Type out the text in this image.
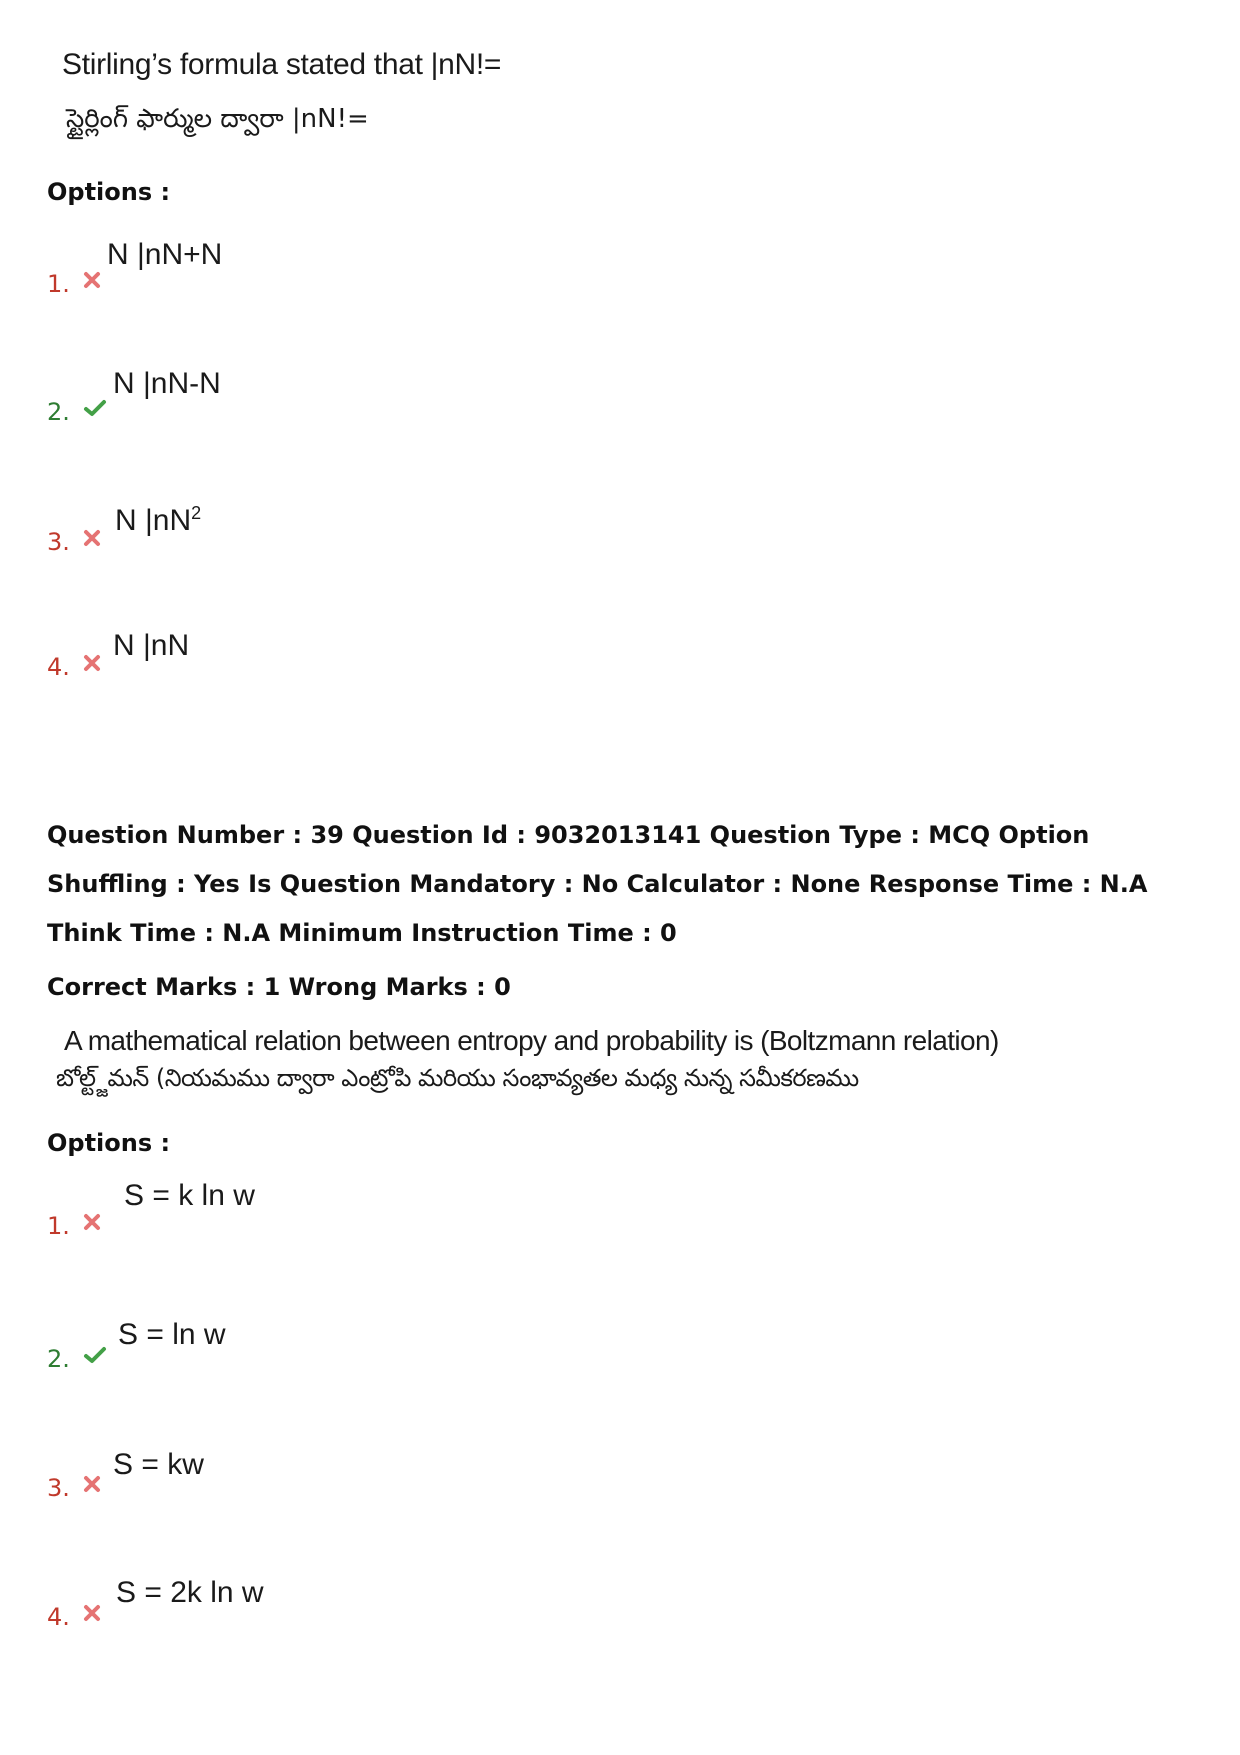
Stirling’s formula stated that |nN!=
స్టైర్లింగ్ ఫార్ముల ద్వారా |nN!=
Options :
1.
N |nN+N
2.
N |nN-N
3.
N $|nN^2$
4.
N |nN
Question Number : 39 Question Id : 9032013141 Question Type : MCQ Option Shuffling : Yes Is Question Mandatory : No Calculator : None Response Time : N.A Think Time : N.A Minimum Instruction Time : 0
Correct Marks : 1 Wrong Marks : 0
A mathematical relation between entropy and probability is (Boltzmann relation)
బోల్ట్జ్‌మన్ (నియమము ద్వారా ఎంట్రోపి మరియు సంభావ్యతల మధ్య నున్న సమీకరణము
Options :
1.
S = k ln w
2.
S = ln w
3.
S = kw
4.
S = 2k ln w
